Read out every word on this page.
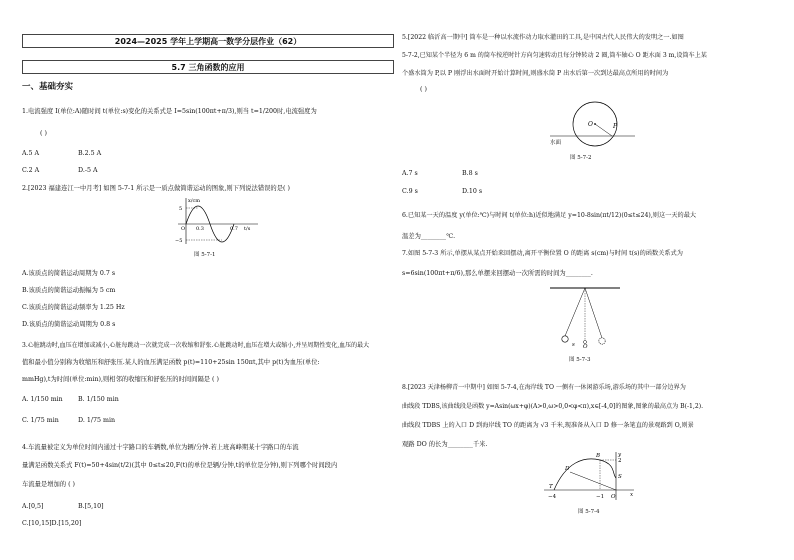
2024—2025 学年上学期高一数学分层作业（62）
5.7 三角函数的应用
一、基础夯实
1.电流强度 I(单位:A)随时间 t(单位:s)变化的关系式是 I=5sin(100πt+π/3),则当 t=1/200时,电流强度为
( )
A.5 A	B.2.5 A
C.2 A	D.-5 A
2.[2023 福建连江一中月考] 如图 5-7-1 所示是一质点做简谐运动的图象,则下列说法错误的是( )
x/cm
5
−5
O 0.3	0.7 t/s
图 5-7-1
A.该质点的简谐运动周期为 0.7 s
B.该质点的简谐运动振幅为 5 cm
C.该质点的简谐运动频率为 1.25 Hz
D.该质点的简谐运动周期为 0.8 s
3.心脏跳动时,血压在增加或减小,心脏每跳动一次就完成一次收缩和舒张.心脏跳动时,血压在增大或缩小,并呈周期性变化,血压的最大
值和最小值分别称为收缩压和舒张压.某人的血压满足函数 p(t)=110+25sin 150πt,其中 p(t)为血压(单位:
mmHg),t为时间(单位:min),则相邻的收缩压和舒张压的时间间隔是 ( )
A. 1/150 min B. 1/150 min
C. 1/75 min	D. 1/75 min
4.车流量被定义为单位时间内通过十字路口的车辆数,单位为辆/分钟.若上班高峰期某十字路口的车流
量满足函数关系式 F(t)=50+4sin(t/2)(其中 0≤t≤20,F(t)的单位是辆/分钟,t的单位是分钟),则下列哪个时间段内
车流量是增加的 ( )
A.[0,5]	B.[5,10]
C.[10,15]D.[15,20]
5.[2022 临沂高一期中] 筒车是一种以水流作动力取水灌田的工具,是中国古代人民伟大的发明之一.如图
5-7-2,已知某个半径为 6 m 的筒车按逆时针方向匀速转动且每分钟转动 2 圈,筒车轴心 O 距水面 3 m,设筒车上某
个盛水筒为 P,以 P 刚浮出水面时开始计算时间,则盛水筒 P 出水后第一次到达最高点所用的时间为
( )
O	P
水面
图 5-7-2
A.7 s	B.8 s
C.9 s	D.10 s
6.已知某一天的温度 y(单位:℃)与时间 t(单位:h)近似地满足 y=10-8sin(πt/12)(0≤t≤24),则这一天的最大
温差为________℃.
7.如图 5-7-3 所示,单摆从某点开始来回摆动,离开平衡位置 O 的距离 s(cm)与时间 t(s)的函数关系式为
s=6sin(100πt+π/6),那么单摆来回摆动一次所需的时间为________.
s O
图 5-7-3
8.[2023 天津杨柳青一中期中] 如图 5-7-4,在海岸线 TO 一侧有一休闲游乐场,游乐场的其中一部分边界为
曲线段 TDBS,该曲线段是函数 y=Asin(ωx+φ)(A>0,ω>0,0<φ<π),x∈[-4,0]的图象,图象的最高点为 B(-1,2).
曲线段 TDBS 上的入口 D 到海岸线 TO 的距离为 √3 千米,现准备从入口 D 修一条笔直的景观路到 O,则景
观路 DO 的长为________千米.
y
2
T
−4	−1 O	x
D
B
S
图 5-7-4
